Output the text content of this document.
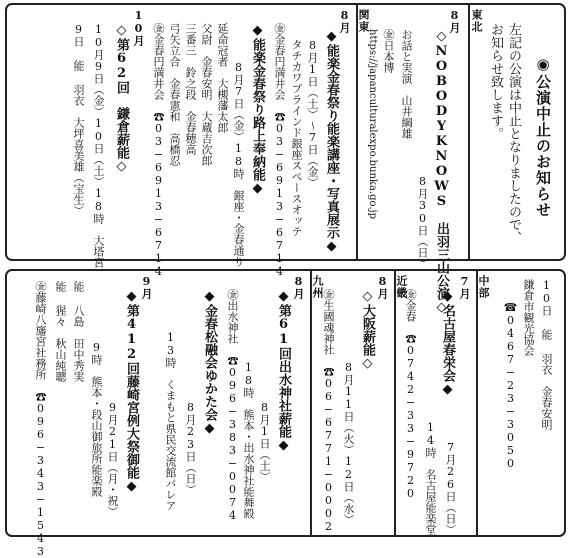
◉公演中止のお知らせ
左記の公演は中止となりましたので、
お知らせ致します。
東北
8月
◇NOBODYKNOWS　出羽三山公演◇
8月30日（日）
お話と実演　山井綱雄
㊎日本博
https://japanculturalexpo.bunka.go.jp
関東
8月
◆能楽金春祭り能楽講座・写真展示◆
8月1日（土）～7日（金）
タチカワブラインド銀座スペースオッテ
㊎金春円満井会　☎03−6913−6714
◆能楽金春祭り路上奉納能◆
8月7日（金）18時　銀座・金春通り
延命冠者　大槻藩太郎
父尉　金春安明　大蔵吉次郎
三番三　鈴之段　金春穂高
弓矢立合　金春憲和　高橋忍
㊎金春円満井会　☎03−6913−6714
10月
◇第62回　鎌倉薪能◇
10月9日（金）10日（土）18時　大塔宮
9日 能 羽衣　大坪喜美雄（宝生）
10日 能 羽衣　金春安明
鎌倉市観光協会
☎0467−23−3050
中部
7月
◆名古屋春栄会◆
7月26日（日）
14時　名古屋能楽堂
㊎金春　☎0742−33−9720
近畿
8月
◇大阪薪能◇
8月11日（火）12日（水）
㊎生國魂神社　☎06−6771−0002
九州
8月
◆第61回出水神社薪能◆
8月1日（土）
18時　熊本・出水神社能舞殿
㊎出水神社　☎096−383−0074
◆金春松融会ゆかた会◆
8月23日（日）
13時　くまもと県民交流館パレア
9月
◆第412回藤崎宮例大祭御能◆
9月21日（月・祝）
9時　熊本・段山御旅所能楽殿
能 八島　田中秀実
能 猩々　秋山純聰
㊎藤崎八旛宮社務所　☎096−343−1543
